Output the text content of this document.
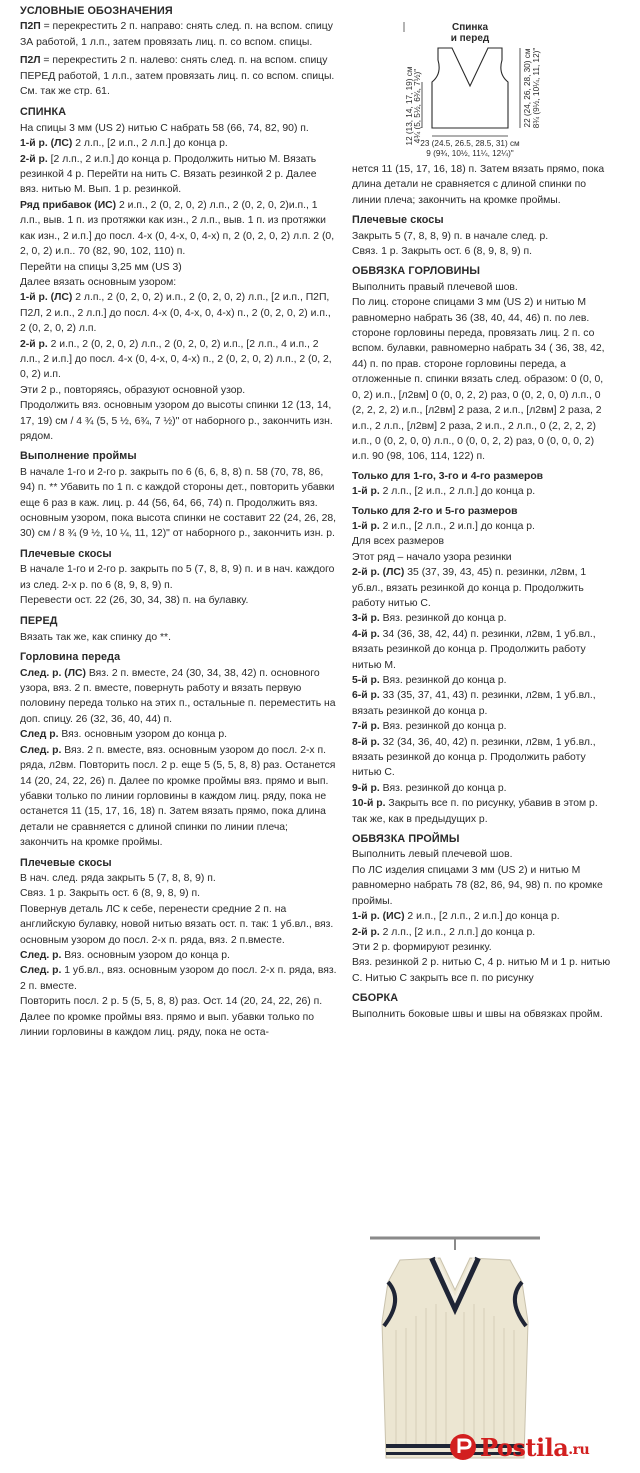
УСЛОВНЫЕ ОБОЗНАЧЕНИЯ
П2П = перекрестить 2 п. направо: снять след. п. на вспом. спицу ЗА работой, 1 л.п., затем провязать лиц. п. со вспом. спицы.
П2Л = перекрестить 2 п. налево: снять след. п. на вспом. спицу ПЕРЕД работой, 1 л.п., затем провязать лиц. п. со вспом. спицы.
См. так же стр. 61.
СПИНКА
На спицы 3 мм (US 2) нитью С набрать 58 (66, 74, 82, 90) п.
1-й р. (ЛС) 2 л.п., [2 и.п., 2 л.п.] до конца р.
2-й р. [2 л.п., 2 и.п.] до конца р. Продолжить нитью М. Вязать резинкой 4 р. Перейти на нить С. Вязать резинкой 2 р. Далее вяз. нитью М. Вып. 1 р. резинкой.
Ряд прибавок (ИС) 2 и.п., 2 (0, 2, 0, 2) л.п., 2 (0, 2, 0, 2)и.п., 1 л.п., выв. 1 п. из протяжки как изн., 2 л.п., выв. 1 п. из протяжки как изн., 2 и.п.] до посл. 4-х (0, 4-х, 0, 4-х) п, 2 (0, 2, 0, 2) л.п. 2 (0, 2, 0, 2) и.п.. 70 (82, 90, 102, 110) п.
Перейти на спицы 3,25 мм (US 3)
Далее вязать основным узором:
1-й р. (ЛС) 2 л.п., 2 (0, 2, 0, 2) и.п., 2 (0, 2, 0, 2) л.п., [2 и.п., П2П, П2Л, 2 и.п., 2 л.п.] до посл. 4-х (0, 4-х, 0, 4-х) п., 2 (0, 2, 0, 2) и.п., 2 (0, 2, 0, 2) л.п.
2-й р. 2 и.п., 2 (0, 2, 0, 2) л.п., 2 (0, 2, 0, 2) и.п., [2 л.п., 4 и.п., 2 л.п., 2 и.п.] до посл. 4-х (0, 4-х, 0, 4-х) п., 2 (0, 2, 0, 2) л.п., 2 (0, 2, 0, 2) и.п.
Эти 2 р., повторяясь, образуют основной узор.
Продолжить вяз. основным узором до высоты спинки 12 (13, 14, 17, 19) см / 4 ¾ (5, 5 ½, 6¾, 7 ½)" от наборного р., закончить изн. рядом.
Выполнение проймы
В начале 1-го и 2-го р. закрыть по 6 (6, 6, 8, 8) п. 58 (70, 78, 86, 94) п. ** Убавить по 1 п. с каждой стороны дет., повторить убавки еще 6 раз в каж. лиц. р. 44 (56, 64, 66, 74) п. Продолжить вяз. основным узором, пока высота спинки не составит 22 (24, 26, 28, 30) см / 8 ¾ (9 ½, 10 ¼, 11, 12)" от наборного р., закончить изн. р.
Плечевые скосы
В начале 1-го и 2-го р. закрыть по 5 (7, 8, 8, 9) п. и в нач. каждого из след. 2-х р. по 6 (8, 9, 8, 9) п.
Перевести ост. 22 (26, 30, 34, 38) п. на булавку.
ПЕРЕД
Вязать так же, как спинку до **.
Горловина переда
След. р. (ЛС) Вяз. 2 п. вместе, 24 (30, 34, 38, 42) п. основного узора, вяз. 2 п. вместе, повернуть работу и вязать первую половину переда только на этих п., остальные п. переместить на доп. спицу. 26 (32, 36, 40, 44) п.
След р. Вяз. основным узором до конца р.
След. р. Вяз. 2 п. вместе, вяз. основным узором до посл. 2-х п. ряда, л2вм. Повторить посл. 2 р. еще 5 (5, 5, 8, 8) раз. Останется 14 (20, 24, 22, 26) п. Далее по кромке проймы вяз. прямо и вып. убавки только по линии горловины в каждом лиц. ряду, пока не останется 11 (15, 17, 16, 18) п. Затем вязать прямо, пока длина детали не сравняется с длиной спинки по линии плеча; закончить на кромке проймы.
Плечевые скосы
В нач. след. ряда закрыть 5 (7, 8, 8, 9) п.
Связ. 1 р. Закрыть ост. 6 (8, 9, 8, 9) п.
Повернув деталь ЛС к себе, перенести средние 2 п. на английскую булавку, новой нитью вязать ост. п. так: 1 уб.вл., вяз. основным узором до посл. 2-х п. ряда, вяз. 2 п.вместе.
След. р. Вяз. основным узором до конца р.
След. р. 1 уб.вл., вяз. основным узором до посл. 2-х п. ряда, вяз. 2 п. вместе.
Повторить посл. 2 р. 5 (5, 5, 8, 8) раз. Ост. 14 (20, 24, 22, 26) п. Далее по кромке проймы вяз. прямо и вып. убавки только по линии горловины в каждом лиц. ряду, пока не оста-
Спинка
и перед
12 (13, 14, 17, 19) см 4¾ (5, 5½, 6¾, 7½)"	22 (24, 26, 28, 30) см 8¾ (9½, 10¼, 11, 12)"
23 (24.5, 26.5, 28.5, 31) см
9 (9¾, 10½, 11¼, 12¼)"
нется 11 (15, 17, 16, 18) п. Затем вязать прямо, пока длина детали не сравняется с длиной спинки по линии плеча; закончить на кромке проймы.
Плечевые скосы
Закрыть 5 (7, 8, 8, 9) п. в начале след. р.
Связ. 1 р. Закрыть ост. 6 (8, 9, 8, 9) п.
ОБВЯЗКА ГОРЛОВИНЫ
Выполнить правый плечевой шов.
По лиц. стороне спицами 3 мм (US 2) и нитью М равномерно набрать 36 (38, 40, 44, 46) п. по лев. стороне горловины переда, провязать лиц. 2 п. со вспом. булавки, равномерно набрать 34 ( 36, 38, 42, 44) п. по прав. стороне горловины переда, а отложенные п. спинки вязать след. образом: 0 (0, 0, 0, 2) и.п., [л2вм] 0 (0, 0, 2, 2) раз, 0 (0, 2, 0, 0) л.п., 0 (2, 2, 2, 2) и.п., [л2вм] 2 раза, 2 и.п., [л2вм] 2 раза, 2 и.п., 2 л.п., [л2вм] 2 раза, 2 и.п., 2 л.п., 0 (2, 2, 2, 2) и.п., 0 (0, 2, 0, 0) л.п., 0 (0, 0, 2, 2) раз, 0 (0, 0, 0, 2) и.п. 90 (98, 106, 114, 122) п.
Только для 1-го, 3-го и 4-го размеров
1-й р. 2 л.п., [2 и.п., 2 л.п.] до конца р.
Только для 2-го и 5-го размеров
1-й р. 2 и.п., [2 л.п., 2 и.п.] до конца р.
Для всех размеров
Этот ряд – начало узора резинки
2-й р. (ЛС) 35 (37, 39, 43, 45) п. резинки, л2вм, 1 уб.вл., вязать резинкой до конца р. Продолжить работу нитью С.
3-й р. Вяз. резинкой до конца р.
4-й р. 34 (36, 38, 42, 44) п. резинки, л2вм, 1 уб.вл., вязать резинкой до конца р. Продолжить работу нитью М.
5-й р. Вяз. резинкой до конца р.
6-й р. 33 (35, 37, 41, 43) п. резинки, л2вм, 1 уб.вл., вязать резинкой до конца р.
7-й р. Вяз. резинкой до конца р.
8-й р. 32 (34, 36, 40, 42) п. резинки, л2вм, 1 уб.вл., вязать резинкой до конца р. Продолжить работу нитью С.
9-й р. Вяз. резинкой до конца р.
10-й р. Закрыть все п. по рисунку, убавив в этом р. так же, как в предыдущих р.
ОБВЯЗКА ПРОЙМЫ
Выполнить левый плечевой шов.
По ЛС изделия спицами 3 мм (US 2) и нитью М равномерно набрать 78 (82, 86, 94, 98) п. по кромке проймы.
1-й р. (ИС) 2 и.п., [2 л.п., 2 и.п.] до конца р.
2-й р. 2 л.п., [2 и.п., 2 л.п.] до конца р.
Эти 2 р. формируют резинку.
Вяз. резинкой 2 р. нитью С, 4 р. нитью М и 1 р. нитью С. Нитью С закрыть все п. по рисунку
СБОРКА
Выполнить боковые швы и швы на обвязках пройм.
Postila.ru
